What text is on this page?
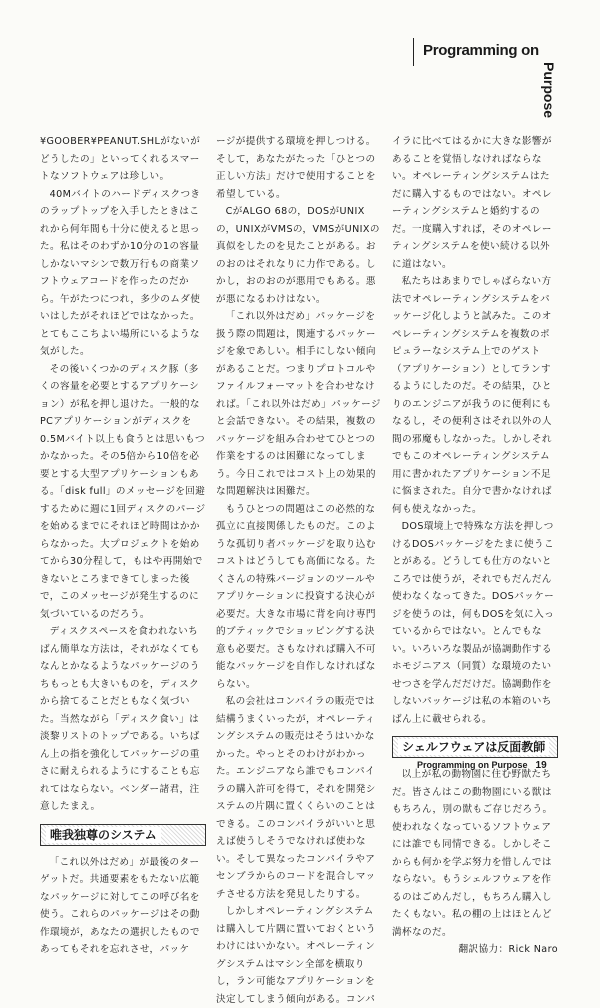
Programming on
Purpose

¥GOOBER¥PEANUT.SHLがないがどうしたの」といってくれるスマートなソフトウェアは珍しい。

40Mバイトのハードディスクつきのラップトップを入手したときはこれから何年間も十分に使えると思った。私はそのわずか10分の1の容量しかないマシンで数万行もの商業ソフトウェアコードを作ったのだから。午がたつにつれ，多少のムダ使いはしたがそれほどではなかった。とてもここちよい場所にいるような気がした。

その後いくつかのディスク豚（多くの容量を必要とするアプリケーション）が私を押し退けた。一般的なPCアプリケーションがディスクを0.5Mバイト以上も食うとは思いもつかなかった。その5倍から10倍を必要とする大型アプリケーションもある。「disk full」のメッセージを回避するために週に1回ディスクのパージを始めるまでにそれほど時間はかからなかった。大プロジェクトを始めてから30分程して，もはや再開始できないところまできてしまった後で，このメッセージが発生するのに気づいているのだろう。

ディスクスペースを食われないちばん簡単な方法は，それがなくてもなんとかなるようなパッケージのうちもっとも大きいものを，ディスクから捨てることだともなく気づいた。当然ながら「ディスク食い」は淡黎リストのトップである。いちばん上の指を強化してパッケージの重さに耐えられるようにすることも忘れてはならない。ベンダー諸君，注意したまえ。

唯我独尊のシステム

「これ以外はだめ」が最後のターゲットだ。共通要素をもたない広範なパッケージに対してこの呼び名を使う。これらのパッケージはその動作環境が，あなたの選択したものであってもそれを忘れさせ，パッケ

ージが提供する環境を押しつける。そして，あなたがたった「ひとつの正しい方法」だけで使用することを希望している。

CがALGO 68の，DOSがUNIXの，UNIXがVMSの，VMSがUNIXの真似をしたのを見たことがある。おのおのはそれなりに力作である。しかし，おのおのが悪用でもある。悪が悪になるわけはない。

「これ以外はだめ」パッケージを扱う際の問題は，関連するパッケージを象であしい。相手にしない傾向があることだ。つまりプロトコルやファイルフォーマットを合わせなければ。「これ以外はだめ」パッケージと会話できない。その結果，複数のパッケージを組み合わせてひとつの作業をするのは困難になってしまう。今日これではコスト上の効果的な問題解決は困難だ。

もうひとつの問題はこの必然的な孤立に直接関係したものだ。このような孤切り者パッケージを取り込むコストはどうしても高価になる。たくさんの特殊バージョンのツールやアプリケーションに投資する決心が必要だ。大きな市場に背を向け専門的ブティックでショッピングする決意も必要だ。さもなければ購入不可能なパッケージを自作しなければならない。

私の会社はコンパイラの販売では結構うまくいったが，オペレーティングシステムの販売はそうはいかなかった。やっとそのわけがわかった。エンジニアなら誰でもコンパイラの購入許可を得て，それを開発システムの片隅に置くくらいのことはできる。このコンパイラがいいと思えば使うしそうでなければ使わない。そして異なったコンパイラやアセンブラからのコードを混合しマッチさせる方法を発見したりする。

しかしオペレーティングシステムは購入して片隅に置いておくというわけにはいかない。オペレーティングシステムはマシン全部を横取りし，ラン可能なアプリケーションを決定してしまう傾向がある。コンパ

イラに比べてはるかに大きな影響があることを覚悟しなければならない。オペレーティングシステムはただに購入するものではない。オペレーティングシステムと婚約するのだ。一度購入すれば，そのオペレーティングシステムを使い続ける以外に道はない。

私たちはあまりでしゃばらない方法でオペレーティングシステムをパッケージ化しようと試みた。このオペレーティングシステムを複数のポピュラーなシステム上でのゲスト（アプリケーション）としてランするようにしたのだ。その結果，ひとりのエンジニアが我うのに便利にもなるし，その便利さはそれ以外の人間の邪魔もしなかった。しかしそれでもこのオペレーティングシステム用に書かれたアプリケーション不足に悩まされた。自分で書かなければ何も使えなかった。

DOS環境上で特殊な方法を押しつけるDOSパッケージをたまに使うことがある。どうしても仕方のないところでは使うが，それでもだんだん使わなくなってきた。DOSパッケージを使うのは，何もDOSを気に入っているからではない。とんでもない。いろいろな製品が協調動作するホモジニアス（同質）な環境のたいせつさを学んだだけだ。協調動作をしないパッケージは私の本箱のいちばん上に載せられる。

シェルフウェアは反面教師

以上が私の動物園に住む野獣たちだ。皆さんはこの動物園にいる獣はもちろん，別の獣もご存じだろう。使われなくなっているソフトウェアには誰でも同情できる。しかしそこからも何かを学ぶ努力を惜しんではならない。もうシェルフウェアを作るのはごめんだし，もちろん購入したくもない。私の棚の上はほとんど満杯なのだ。

翻訳協力：Rick Naro

Programming on Purpose 19
